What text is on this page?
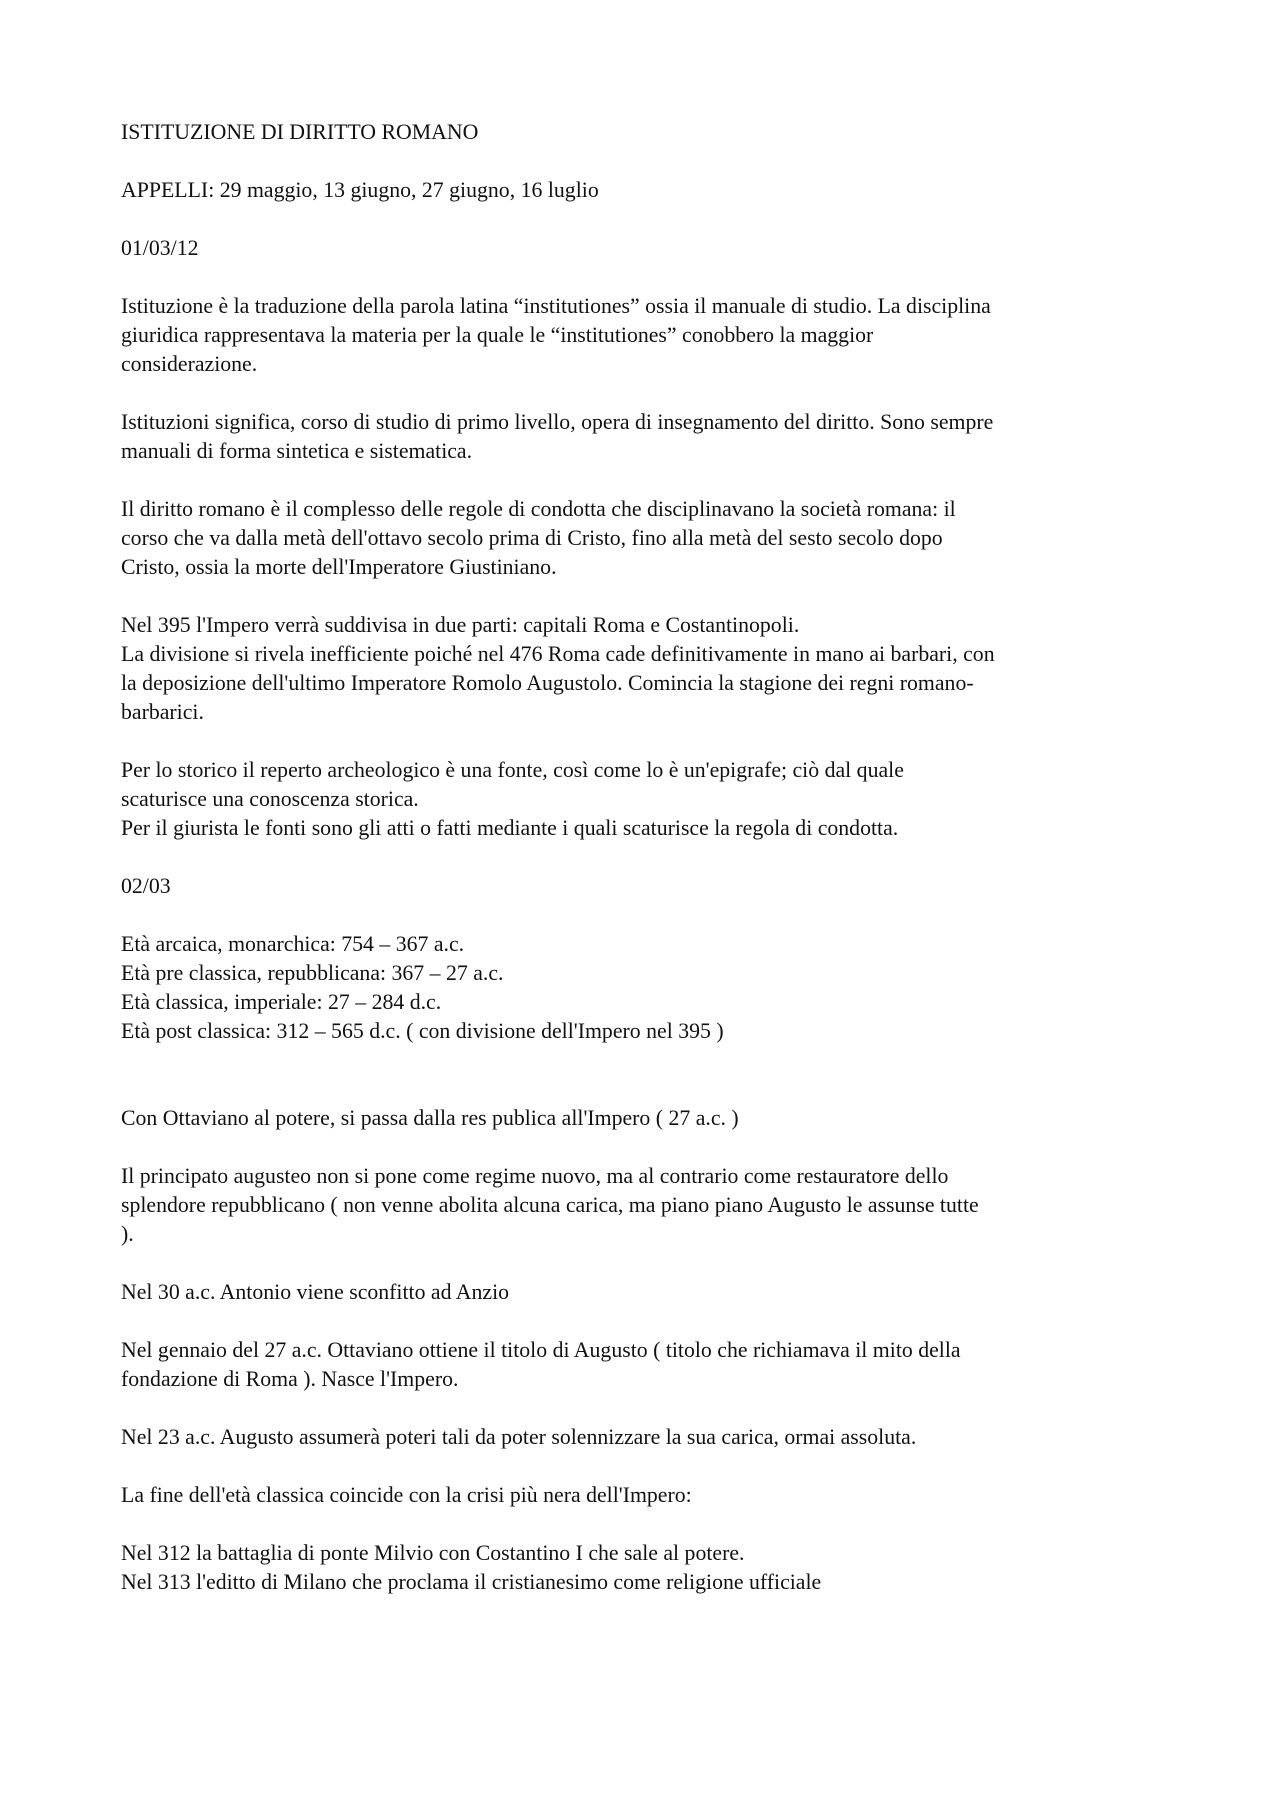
ISTITUZIONE DI DIRITTO ROMANO

APPELLI: 29 maggio, 13 giugno, 27 giugno, 16 luglio

01/03/12

Istituzione è la traduzione della parola latina “institutiones” ossia il manuale di studio. La disciplina
giuridica rappresentava la materia per la quale le “institutiones” conobbero la maggior
considerazione.

Istituzioni significa, corso di studio di primo livello, opera di insegnamento del diritto. Sono sempre
manuali di forma sintetica e sistematica.

Il diritto romano è il complesso delle regole di condotta che disciplinavano la società romana: il
corso che va dalla metà dell'ottavo secolo prima di Cristo, fino alla metà del sesto secolo dopo
Cristo, ossia la morte dell'Imperatore Giustiniano.

Nel 395 l'Impero verrà suddivisa in due parti: capitali Roma e Costantinopoli.
La divisione si rivela inefficiente poiché nel 476 Roma cade definitivamente in mano ai barbari, con
la deposizione dell'ultimo Imperatore Romolo Augustolo. Comincia la stagione dei regni romano-
barbarici.

Per lo storico il reperto archeologico è una fonte, così come lo è un'epigrafe; ciò dal quale
scaturisce una conoscenza storica.
Per il giurista le fonti sono gli atti o fatti mediante i quali scaturisce la regola di condotta.

02/03

Età arcaica, monarchica: 754 – 367 a.c.
Età pre classica, repubblicana: 367 – 27 a.c.
Età classica, imperiale: 27 – 284 d.c.
Età post classica: 312 – 565 d.c. ( con divisione dell'Impero nel 395 )

Con Ottaviano al potere, si passa dalla res publica all'Impero ( 27 a.c. )

Il principato augusteo non si pone come regime nuovo, ma al contrario come restauratore dello
splendore repubblicano ( non venne abolita alcuna carica, ma piano piano Augusto le assunse tutte
).

Nel 30 a.c. Antonio viene sconfitto ad Anzio

Nel gennaio del 27 a.c. Ottaviano ottiene il titolo di Augusto ( titolo che richiamava il mito della
fondazione di Roma ). Nasce l'Impero.

Nel 23 a.c. Augusto assumerà poteri tali da poter solennizzare la sua carica, ormai assoluta.

La fine dell'età classica coincide con la crisi più nera dell'Impero:

Nel 312 la battaglia di ponte Milvio con Costantino I che sale al potere.
Nel 313 l'editto di Milano che proclama il cristianesimo come religione ufficiale
